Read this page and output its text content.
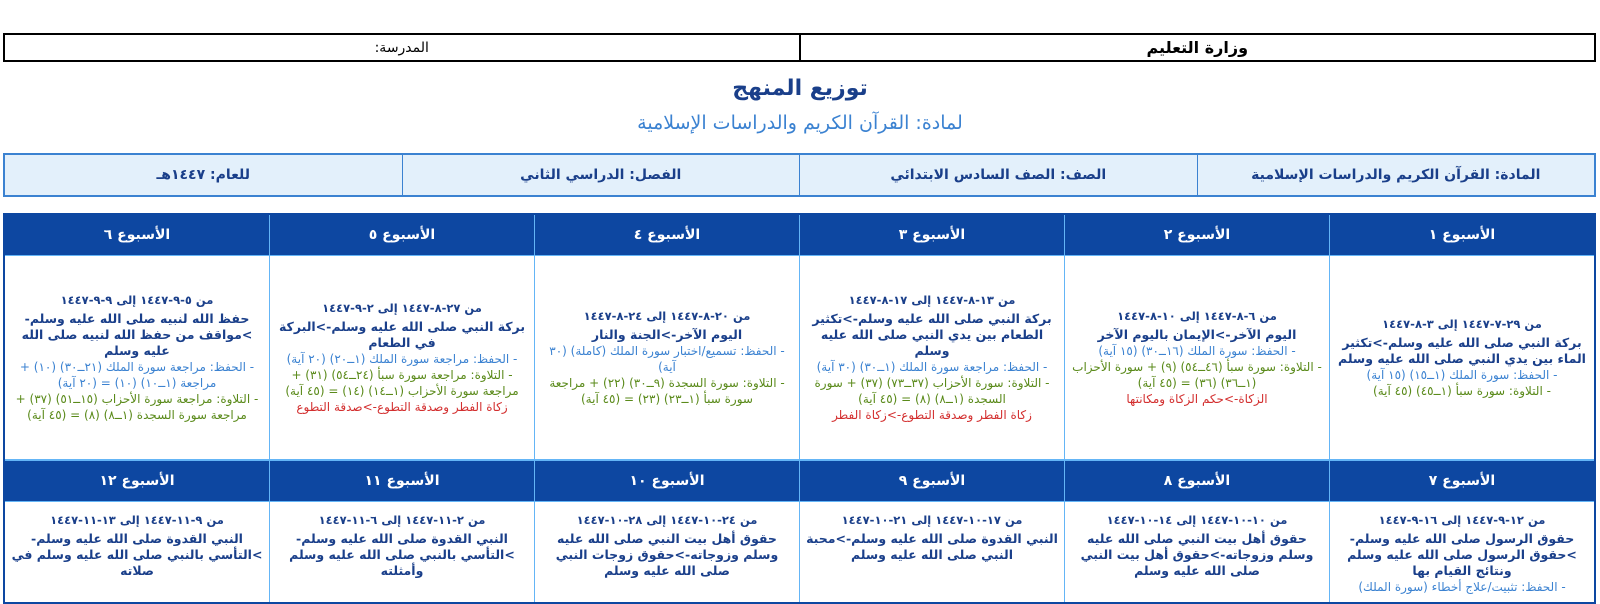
وزارة التعليم
المدرسة:
توزيع المنهج
لمادة: القرآن الكريم والدراسات الإسلامية
المادة: القرآن الكريم والدراسات الإسلامية
الصف: الصف السادس الابتدائي
الفصل: الدراسي الثاني
للعام: ١٤٤٧هـ
الأسبوع ١
من ٢٩-٧-١٤٤٧ إلى ٣-٨-١٤٤٧
بركة النبي صلى الله عليه وسلم->تكثير الماء بين يدي النبي صلى الله عليه وسلم
- الحفظ: سورة الملك (١ــ١٥) (١٥ آية)
- التلاوة: سورة سبأ (١ــ٤٥) (٤٥ آية)
الأسبوع ٢
من ٦-٨-١٤٤٧ إلى ١٠-٨-١٤٤٧
اليوم الآخر->الإيمان باليوم الآخر
- الحفظ: سورة الملك (١٦ــ٣٠) (١٥ آية)
- التلاوة: سورة سبأ (٤٦ــ٥٤) (٩) + سورة الأحزاب (١ــ٣٦) (٣٦) = (٤٥ آية)
الزكاة->حكم الزكاة ومكانتها
الأسبوع ٣
من ١٣-٨-١٤٤٧ إلى ١٧-٨-١٤٤٧
بركة النبي صلى الله عليه وسلم->تكثير الطعام بين يدي النبي صلى الله عليه وسلم
- الحفظ: مراجعة سورة الملك (١ــ٣٠) (٣٠ آية)
- التلاوة: سورة الأحزاب (٣٧ــ٧٣) (٣٧) + سورة السجدة (١ــ٨) (٨) = (٤٥ آية)
زكاة الفطر وصدقة التطوع->زكاة الفطر
الأسبوع ٤
من ٢٠-٨-١٤٤٧ إلى ٢٤-٨-١٤٤٧
اليوم الآخر->الجنة والنار
- الحفظ: تسميع/اختبار سورة الملك (كاملة) (٣٠ آية)
- التلاوة: سورة السجدة (٩ــ٣٠) (٢٢) + مراجعة سورة سبأ (١ــ٢٣) (٢٣) = (٤٥ آية)
الأسبوع ٥
من ٢٧-٨-١٤٤٧ إلى ٢-٩-١٤٤٧
بركة النبي صلى الله عليه وسلم->البركة في الطعام
- الحفظ: مراجعة سورة الملك (١ــ٢٠) (٢٠ آية)
- التلاوة: مراجعة سورة سبأ (٢٤ــ٥٤) (٣١) + مراجعة سورة الأحزاب (١ــ١٤) (١٤) = (٤٥ آية)
زكاة الفطر وصدقة التطوع->صدقة التطوع
الأسبوع ٦
من ٥-٩-١٤٤٧ إلى ٩-٩-١٤٤٧
حفظ الله لنبيه صلى الله عليه وسلم->مواقف من حفظ الله لنبيه صلى الله عليه وسلم
- الحفظ: مراجعة سورة الملك (٢١ــ٣٠) (١٠) + مراجعة (١ــ١٠) (١٠) = (٢٠ آية)
- التلاوة: مراجعة سورة الأحزاب (١٥ــ٥١) (٣٧) + مراجعة سورة السجدة (١ــ٨) (٨) = (٤٥ آية)
الأسبوع ٧
من ١٢-٩-١٤٤٧ إلى ١٦-٩-١٤٤٧
حقوق الرسول صلى الله عليه وسلم->حقوق الرسول صلى الله عليه وسلم ونتائج القيام بها
- الحفظ: تثبيت/علاج أخطاء (سورة الملك)
الأسبوع ٨
من ١٠-١٠-١٤٤٧ إلى ١٤-١٠-١٤٤٧
حقوق أهل بيت النبي صلى الله عليه وسلم وزوجاته->حقوق أهل بيت النبي صلى الله عليه وسلم
الأسبوع ٩
من ١٧-١٠-١٤٤٧ إلى ٢١-١٠-١٤٤٧
النبي القدوة صلى الله عليه وسلم->محبة النبي صلى الله عليه وسلم
الأسبوع ١٠
من ٢٤-١٠-١٤٤٧ إلى ٢٨-١٠-١٤٤٧
حقوق أهل بيت النبي صلى الله عليه وسلم وزوجاته->حقوق زوجات النبي صلى الله عليه وسلم
الأسبوع ١١
من ٢-١١-١٤٤٧ إلى ٦-١١-١٤٤٧
النبي القدوة صلى الله عليه وسلم->التأسي بالنبي صلى الله عليه وسلم وأمثلته
الأسبوع ١٢
من ٩-١١-١٤٤٧ إلى ١٣-١١-١٤٤٧
النبي القدوة صلى الله عليه وسلم->التأسي بالنبي صلى الله عليه وسلم في صلاته
